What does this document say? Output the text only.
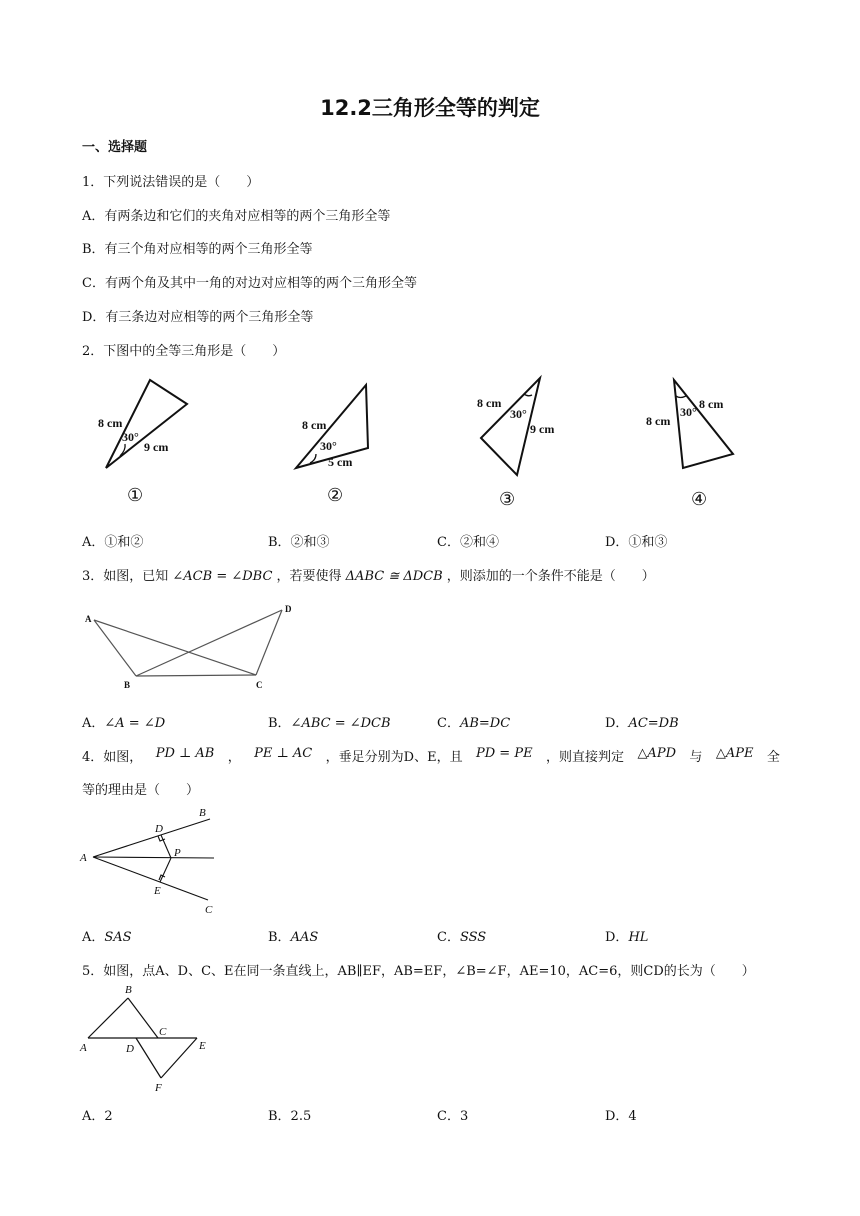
12.2三角形全等的判定
一、选择题
1．下列说法错误的是（　　）
A．有两条边和它们的夹角对应相等的两个三角形全等
B．有三个角对应相等的两个三角形全等
C．有两个角及其中一角的对边对应相等的两个三角形全等
D．有三条边对应相等的两个三角形全等
2．下图中的全等三角形是（　　）
8 cm
30°
9 cm
8 cm
30°
5 cm
8 cm
30°
9 cm
8 cm
30°
8 cm
①	②	③	④
A．①和②	B．②和③	C．②和④	D．①和③
3．如图，已知 ∠ACB = ∠DBC ，若要使得 ΔABC ≅ ΔDCB ，则添加的一个条件不能是（　　）
A
B	C
D
A．∠A = ∠D	B．∠ABC = ∠DCB	C．AB=DC	D．AC=DB
4．如图， PD ⊥ AB ， PE ⊥ AC ，垂足分别为D、E，且 PD = PE ，则直接判定 △APD 与 △APE 全
等的理由是（　　）
A
B
C
D
E
P
A．SAS	B．AAS	C．SSS	D．HL
5．如图，点A、D、C、E在同一条直线上，AB∥EF，AB=EF，∠B=∠F，AE=10，AC=6，则CD的长为（　　）
A
B
C
D	E
F
A．2	B．2.5	C．3	D．4
